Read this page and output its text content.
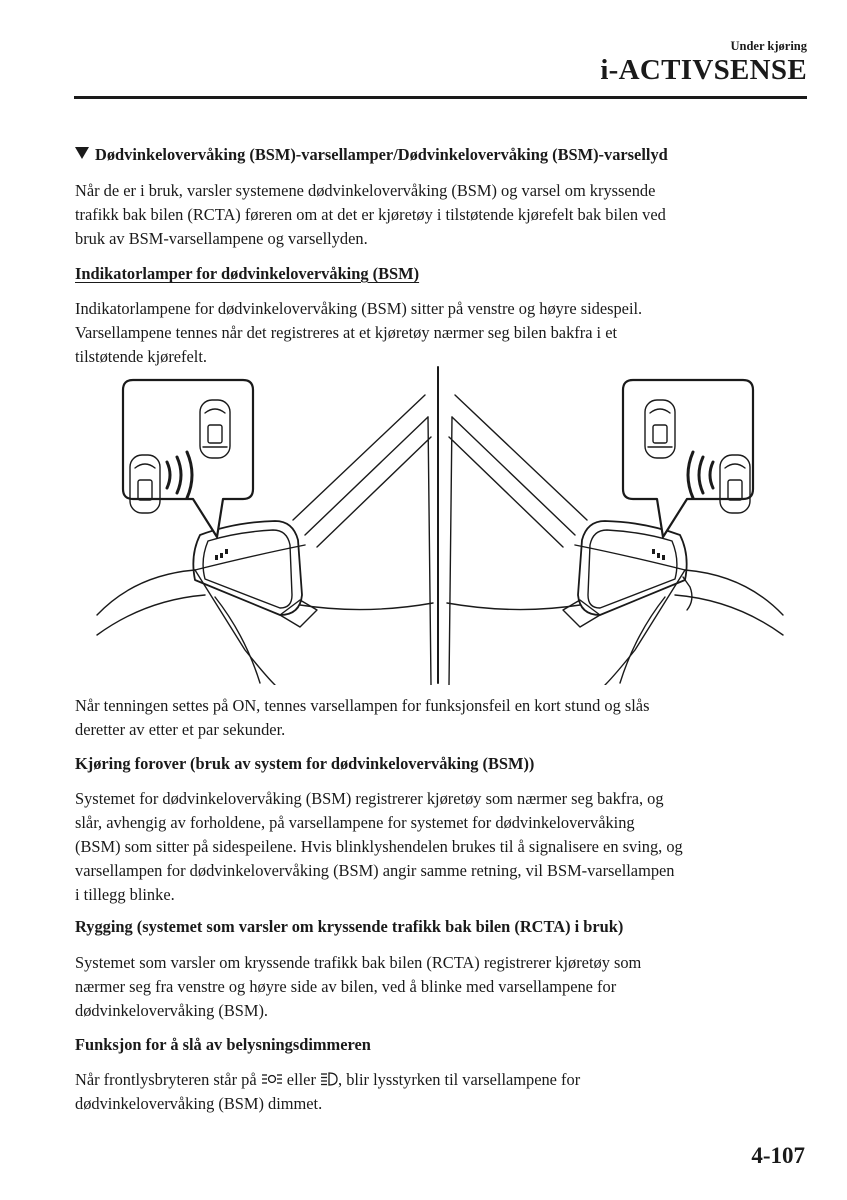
Under kjøring
i-ACTIVSENSE
Dødvinkelovervåking (BSM)-varsellamper/Dødvinkelovervåking (BSM)-varsellyd
Når de er i bruk, varsler systemene dødvinkelovervåking (BSM) og varsel om kryssende
trafikk bak bilen (RCTA) føreren om at det er kjøretøy i tilstøtende kjørefelt bak bilen ved
bruk av BSM-varsellampene og varsellyden.
Indikatorlamper for dødvinkelovervåking (BSM)
Indikatorlampene for dødvinkelovervåking (BSM) sitter på venstre og høyre sidespeil.
Varsellampene tennes når det registreres at et kjøretøy nærmer seg bilen bakfra i et
tilstøtende kjørefelt.
Når tenningen settes på ON, tennes varsellampen for funksjonsfeil en kort stund og slås
deretter av etter et par sekunder.
Kjøring forover (bruk av system for dødvinkelovervåking (BSM))
Systemet for dødvinkelovervåking (BSM) registrerer kjøretøy som nærmer seg bakfra, og
slår, avhengig av forholdene, på varsellampene for systemet for dødvinkelovervåking
(BSM) som sitter på sidespeilene. Hvis blinklyshendelen brukes til å signalisere en sving, og
varsellampen for dødvinkelovervåking (BSM) angir samme retning, vil BSM-varsellampen
i tillegg blinke.
Rygging (systemet som varsler om kryssende trafikk bak bilen (RCTA) i bruk)
Systemet som varsler om kryssende trafikk bak bilen (RCTA) registrerer kjøretøy som
nærmer seg fra venstre og høyre side av bilen, ved å blinke med varsellampene for
dødvinkelovervåking (BSM).
Funksjon for å slå av belysningsdimmeren
Når frontlysbryteren står på  eller , blir lysstyrken til varsellampene for
dødvinkelovervåking (BSM) dimmet.
4-107
